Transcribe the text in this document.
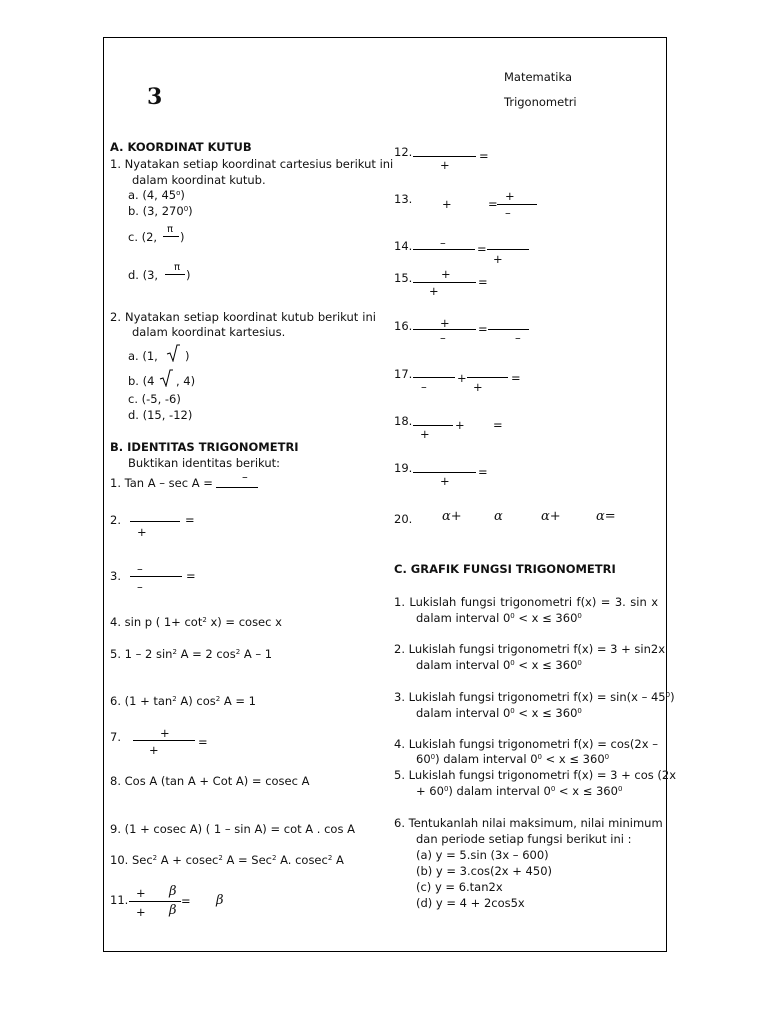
3
Matematika
Trigonometri
A. KOORDINAT KUTUB
1. Nyatakan setiap koordinat cartesius berikut ini
dalam koordinat kutub.
a. (4, 45$^o$)
b. (3, $270^0$)
c. (2,
π
)
d. (3,
π
)
2. Nyatakan setiap koordinat kutub berikut ini
dalam koordinat kartesius.
a. (1, )
b. (4 , 4)
c. (-5, -6)
d. (15, -12)
B. IDENTITAS TRIGONOMETRI
Buktikan identitas berikut:
1. Tan A – sec A =	–
2.	=
+
3. –	=
–
4. sin p ( $1+ \cot^2 x) = cosec$ x
5. 1 – 2 $\sin^2 A = 2$ $\cos^2 A - 1$
6. $(1 + \tan^2 A)$ $\cos^2 A = 1$
7.	+
=
+
8. Cos A (tan A + Cot A) = cosec A
9. (1 + cosec A) ( 1 – sin A) = cot A . cos A
10. Sec$^2$ A + cosec$^2$ A = Sec$^2$ A. cosec$^2$ A
11. + β
= β
+ β
12.	=
+
13.	+	=
+
–
14. –	=
+
15. +
=
+
16. +
–
=
–
17.	+	=
–	+
18.	+ =
+
19.	=
+
20. α+ α	α+	α=
C. GRAFIK FUNGSI TRIGONOMETRI
1. Lukislah fungsi trigonometri f(x) = 3. sin x
dalam interval $0^0 < x \le 360^0$
2. Lukislah fungsi trigonometri f(x) = 3 + sin2x
dalam interval $0^0 < x \le 360^0$
3. Lukislah fungsi trigonometri $f(x) = \sin(x - 45^0)$
dalam interval $0^0 < x \le 360^0$
4. Lukislah fungsi trigonometri f(x) = cos(2x –
$60^0$) dalam interval $0^0 < x \le 360^0$
5. Lukislah fungsi trigonometri f(x) = 3 + cos (2x
+ $60^0$) dalam interval $0^0 < x \le 360^0$
6. Tentukanlah nilai maksimum, nilai minimum
dan periode setiap fungsi berikut ini :
(a) y = 5.sin (3x – 600)
(b) y = 3.cos(2x + 450)
(c) y = 6.tan2x
(d) y = 4 + 2cos5x
